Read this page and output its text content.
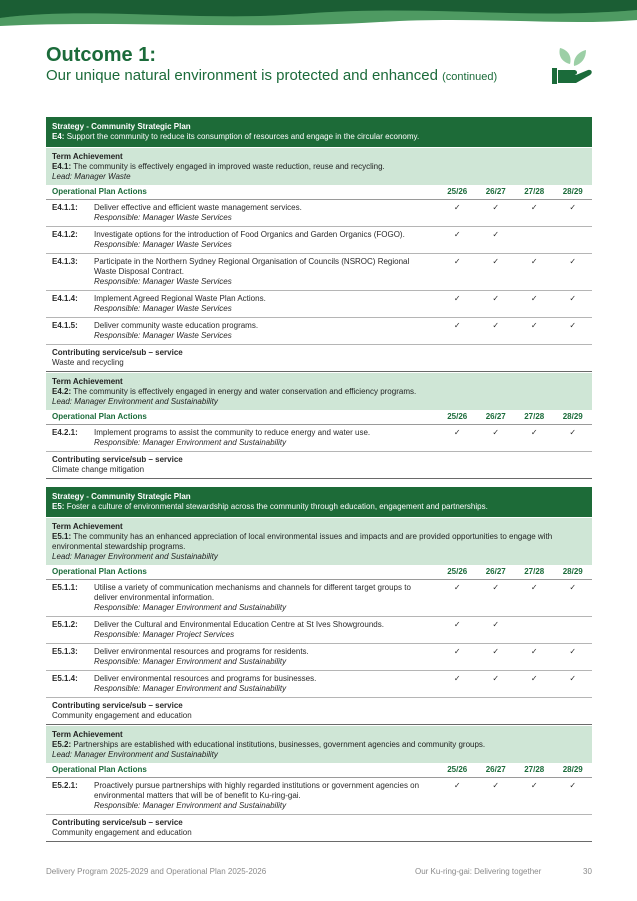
Outcome 1:
Our unique natural environment is protected and enhanced (continued)
Strategy - Community Strategic Plan
E4: Support the community to reduce its consumption of resources and engage in the circular economy.
Term Achievement
E4.1: The community is effectively engaged in improved waste reduction, reuse and recycling.
Lead: Manager Waste
Operational Plan Actions	25/26	26/27	27/28	28/29
E4.1.1:	Deliver effective and efficient waste management services.
Responsible: Manager Waste Services
✓	✓	✓	✓
E4.1.2:	Investigate options for the introduction of Food Organics and Garden Organics (FOGO).
Responsible: Manager Waste Services
✓	✓
E4.1.3:	Participate in the Northern Sydney Regional Organisation of Councils (NSROC) Regional Waste Disposal Contract.
Responsible: Manager Waste Services
✓	✓	✓	✓
E4.1.4:	Implement Agreed Regional Waste Plan Actions.
Responsible: Manager Waste Services
✓	✓	✓	✓
E4.1.5:	Deliver community waste education programs.
Responsible: Manager Waste Services
✓	✓	✓	✓
Contributing service/sub – service
Waste and recycling
Term Achievement
E4.2: The community is effectively engaged in energy and water conservation and efficiency programs.
Lead: Manager Environment and Sustainability
Operational Plan Actions	25/26	26/27	27/28	28/29
E4.2.1:	Implement programs to assist the community to reduce energy and water use.
Responsible: Manager Environment and Sustainability
✓	✓	✓	✓
Contributing service/sub – service
Climate change mitigation
Strategy - Community Strategic Plan
E5: Foster a culture of environmental stewardship across the community through education, engagement and partnerships.
Term Achievement
E5.1: The community has an enhanced appreciation of local environmental issues and impacts and are provided opportunities to engage with environmental stewardship programs.
Lead: Manager Environment and Sustainability
Operational Plan Actions	25/26	26/27	27/28	28/29
E5.1.1:	Utilise a variety of communication mechanisms and channels for different target groups to deliver environmental information.
Responsible: Manager Environment and Sustainability
✓	✓	✓	✓
E5.1.2:	Deliver the Cultural and Environmental Education Centre at St Ives Showgrounds.
Responsible: Manager Project Services
✓	✓
E5.1.3:	Deliver environmental resources and programs for residents.
Responsible: Manager Environment and Sustainability
✓	✓	✓	✓
E5.1.4:	Deliver environmental resources and programs for businesses.
Responsible: Manager Environment and Sustainability
✓	✓	✓	✓
Contributing service/sub – service
Community engagement and education
Term Achievement
E5.2: Partnerships are established with educational institutions, businesses, government agencies and community groups.
Lead: Manager Environment and Sustainability
Operational Plan Actions	25/26	26/27	27/28	28/29
E5.2.1:	Proactively pursue partnerships with highly regarded institutions or government agencies on environmental matters that will be of benefit to Ku-ring-gai.
Responsible: Manager Environment and Sustainability
✓	✓	✓	✓
Contributing service/sub – service
Community engagement and education
Delivery Program 2025-2029 and Operational Plan 2025-2026	Our Ku-ring-gai: Delivering together	30
